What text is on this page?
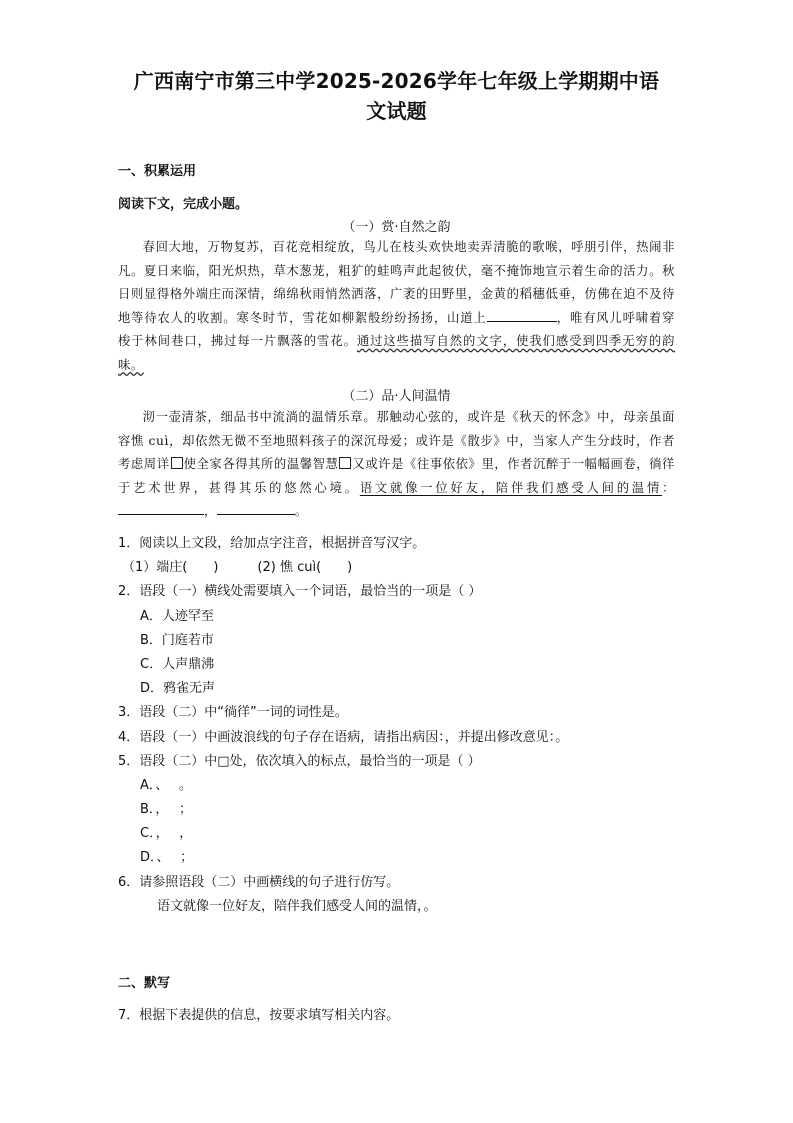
广西南宁市第三中学2025-2026学年七年级上学期期中语
文试题
一、积累运用
阅读下文，完成小题。
（一）赏·自然之韵
春回大地，万物复苏，百花竞相绽放，鸟儿在枝头欢快地卖弄清脆的歌喉，呼朋引伴，热闹非凡。夏日来临，阳光炽热，草木葱茏，粗犷的蛙鸣声此起彼伏，毫不掩饰地宣示着生命的活力。秋日则显得格外端庄而深情，绵绵秋雨悄然洒落，广袤的田野里，金黄的稻穗低垂，仿佛在迫不及待地等待农人的收割。寒冬时节，雪花如柳絮般纷纷扬扬，山道上	，唯有风儿呼啸着穿梭于林间巷口，拂过每一片飘落的雪花。通过这些描写自然的文字，使我们感受到四季无穷的韵味。
（二）品·人间温情
沏一壶清茶，细品书中流淌的温情乐章。那触动心弦的，或许是《秋天的怀念》中，母亲虽面容憔 cuì，却依然无微不至地照料孩子的深沉母爱；或许是《散步》中，当家人产生分歧时，作者考虑周详 使全家各得其所的温馨智慧 又或许是《往事依依》里，作者沉醉于一幅幅画卷，徜徉于艺术世界，甚得其乐的悠然心境。语文就像一位好友，陪伴我们感受人间的温情：，	。
1．阅读以上文段，给加点字注音，根据拼音写汉字。
（1）端庄(　　)　　　(2) 憔 cuì(　　)
2．语段（一）横线处需要填入一个词语，最恰当的一项是（ ）
A．人迹罕至
B．门庭若市
C．人声鼎沸
D．鸦雀无声
3．语段（二）中“徜徉”一词的词性是。
4．语段（一）中画波浪线的句子存在语病，请指出病因：，并提出修改意见：。
5．语段（二）中□处，依次填入的标点，最恰当的一项是（ ）
A．、　 。
B．，　 ；
C．，　 ，
D．、　 ；
6．请参照语段（二）中画横线的句子进行仿写。
语文就像一位好友，陪伴我们感受人间的温情，。
二、默写
7．根据下表提供的信息，按要求填写相关内容。
